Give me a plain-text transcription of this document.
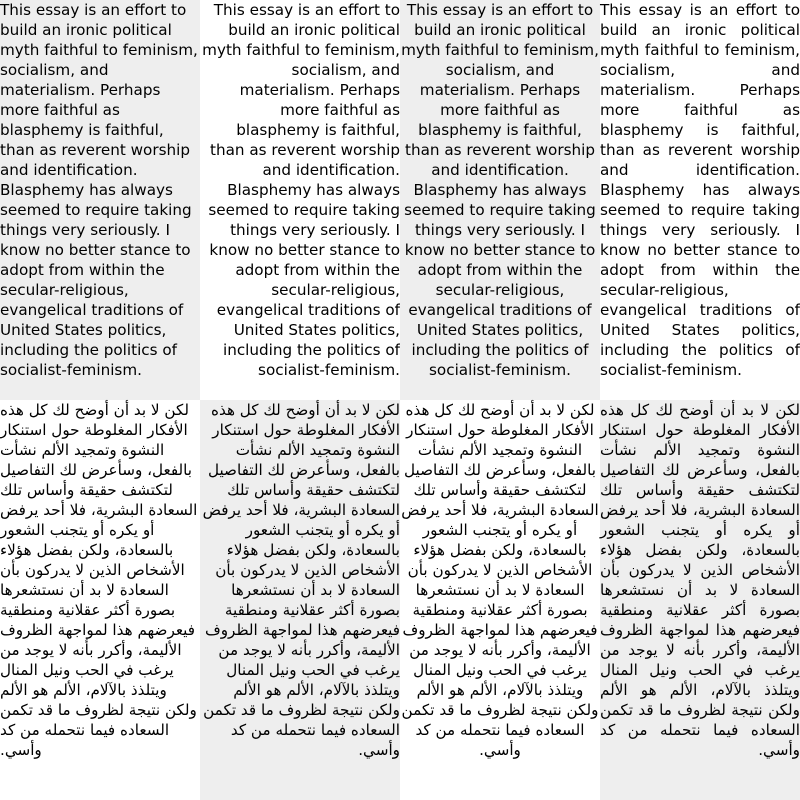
This essay is an effort to build an ironic political myth faithful to feminism, socialism, and materialism. Perhaps more faithful as blasphemy is faithful, than as reverent worship and identification. Blasphemy has always seemed to require taking things very seriously. I know no better stance to adopt from within the secular-religious, evangelical traditions of United States politics, including the politics of socialist-feminism.

This essay is an effort to build an ironic political myth faithful to feminism, socialism, and materialism. Perhaps more faithful as blasphemy is faithful, than as reverent worship and identification. Blasphemy has always seemed to require taking things very seriously. I know no better stance to adopt from within the secular-religious, evangelical traditions of United States politics, including the politics of socialist-feminism.

This essay is an effort to build an ironic political myth faithful to feminism, socialism, and materialism. Perhaps more faithful as blasphemy is faithful, than as reverent worship and identification. Blasphemy has always seemed to require taking things very seriously. I know no better stance to adopt from within the secular-religious, evangelical traditions of United States politics, including the politics of socialist-feminism.

This essay is an effort to build an ironic political myth faithful to feminism, socialism, and materialism. Perhaps more faithful as blasphemy is faithful, than as reverent worship and identification. Blasphemy has always seemed to require taking things very seriously. I know no better stance to adopt from within the secular-religious, evangelical traditions of United States politics, including the politics of socialist-feminism.

لكن لا بد أن أوضح لك كل هذه الأفكار المغلوطة حول استنكار النشوة وتمجيد الألم نشأت بالفعل، وسأعرض لك التفاصيل لتكتشف حقيقة وأساس تلك السعادة البشرية، فلا أحد يرفض أو يكره أو يتجنب الشعور بالسعادة، ولكن بفضل هؤلاء الأشخاص الذين لا يدركون بأن السعادة لا بد أن نستشعرها بصورة أكثر عقلانية ومنطقية فيعرضهم هذا لمواجهة الظروف الأليمة، وأكرر بأنه لا يوجد من يرغب في الحب ونيل المنال ويتلذذ بالآلام، الألم هو الألم ولكن نتيجة لظروف ما قد تكمن السعاده فيما نتحمله من كد وأسي.

لكن لا بد أن أوضح لك كل هذه الأفكار المغلوطة حول استنكار النشوة وتمجيد الألم نشأت بالفعل، وسأعرض لك التفاصيل لتكتشف حقيقة وأساس تلك السعادة البشرية، فلا أحد يرفض أو يكره أو يتجنب الشعور بالسعادة، ولكن بفضل هؤلاء الأشخاص الذين لا يدركون بأن السعادة لا بد أن نستشعرها بصورة أكثر عقلانية ومنطقية فيعرضهم هذا لمواجهة الظروف الأليمة، وأكرر بأنه لا يوجد من يرغب في الحب ونيل المنال ويتلذذ بالآلام، الألم هو الألم ولكن نتيجة لظروف ما قد تكمن السعاده فيما نتحمله من كد وأسي.

لكن لا بد أن أوضح لك كل هذه الأفكار المغلوطة حول استنكار النشوة وتمجيد الألم نشأت بالفعل، وسأعرض لك التفاصيل لتكتشف حقيقة وأساس تلك السعادة البشرية، فلا أحد يرفض أو يكره أو يتجنب الشعور بالسعادة، ولكن بفضل هؤلاء الأشخاص الذين لا يدركون بأن السعادة لا بد أن نستشعرها بصورة أكثر عقلانية ومنطقية فيعرضهم هذا لمواجهة الظروف الأليمة، وأكرر بأنه لا يوجد من يرغب في الحب ونيل المنال ويتلذذ بالآلام، الألم هو الألم ولكن نتيجة لظروف ما قد تكمن السعاده فيما نتحمله من كد وأسي.

لكن لا بد أن أوضح لك كل هذه الأفكار المغلوطة حول استنكار النشوة وتمجيد الألم نشأت بالفعل، وسأعرض لك التفاصيل لتكتشف حقيقة وأساس تلك السعادة البشرية، فلا أحد يرفض أو يكره أو يتجنب الشعور بالسعادة، ولكن بفضل هؤلاء الأشخاص الذين لا يدركون بأن السعادة لا بد أن نستشعرها بصورة أكثر عقلانية ومنطقية فيعرضهم هذا لمواجهة الظروف الأليمة، وأكرر بأنه لا يوجد من يرغب في الحب ونيل المنال ويتلذذ بالآلام، الألم هو الألم ولكن نتيجة لظروف ما قد تكمن السعاده فيما نتحمله من كد وأسي.
